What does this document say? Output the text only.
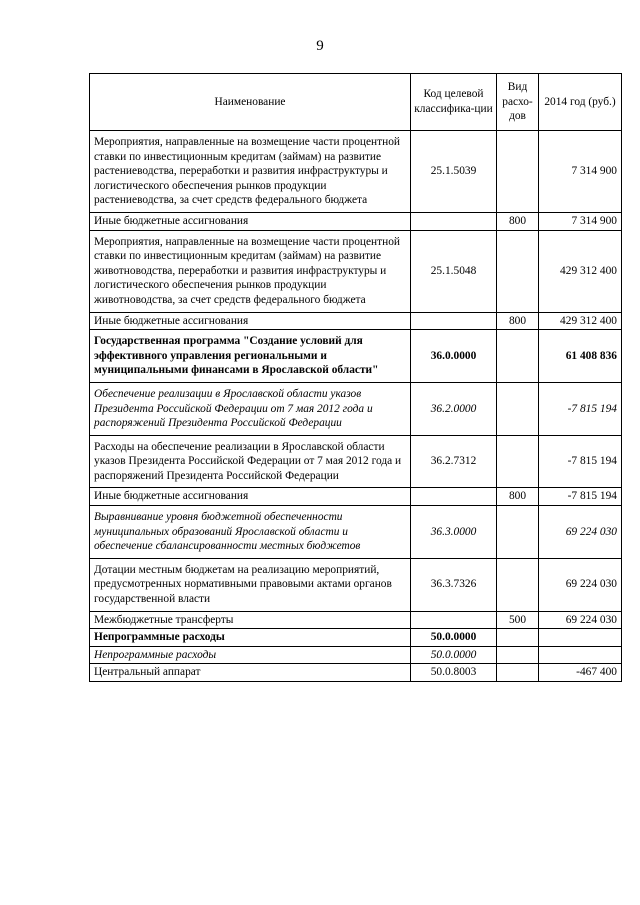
9
Наименование	Код целевой классифика-ции	Вид расхо-дов	2014 год (руб.)
Мероприятия, направленные на возмещение части процентной ставки по инвестиционным кредитам (займам) на развитие растениеводства, переработки и развития инфраструктуры и логистического обеспечения рынков продукции растениеводства, за счет средств федерального бюджета	25.1.5039		7 314 900
Иные бюджетные ассигнования		800	7 314 900
Мероприятия, направленные на возмещение части процентной ставки по инвестиционным кредитам (займам) на развитие животноводства, переработки и развития инфраструктуры и логистического обеспечения рынков продукции животноводства, за счет средств федерального бюджета	25.1.5048		429 312 400
Иные бюджетные ассигнования		800	429 312 400
Государственная программа "Создание условий для эффективного управления региональными и муниципальными финансами в Ярославской области"	36.0.0000		61 408 836
Обеспечение реализации в Ярославской области указов Президента Российской Федерации от 7 мая 2012 года и распоряжений Президента Российской Федерации	36.2.0000		-7 815 194
Расходы на обеспечение реализации в Ярославской области указов Президента Российской Федерации от 7 мая 2012 года и распоряжений Президента Российской Федерации	36.2.7312		-7 815 194
Иные бюджетные ассигнования		800	-7 815 194
Выравнивание уровня бюджетной обеспеченности муниципальных образований Ярославской области и обеспечение сбалансированности местных бюджетов	36.3.0000		69 224 030
Дотации местным бюджетам на реализацию мероприятий, предусмотренных нормативными правовыми актами органов государственной власти	36.3.7326		69 224 030
Межбюджетные трансферты		500	69 224 030
Непрограммные расходы	50.0.0000		
Непрограммные расходы	50.0.0000		
Центральный аппарат	50.0.8003		-467 400
